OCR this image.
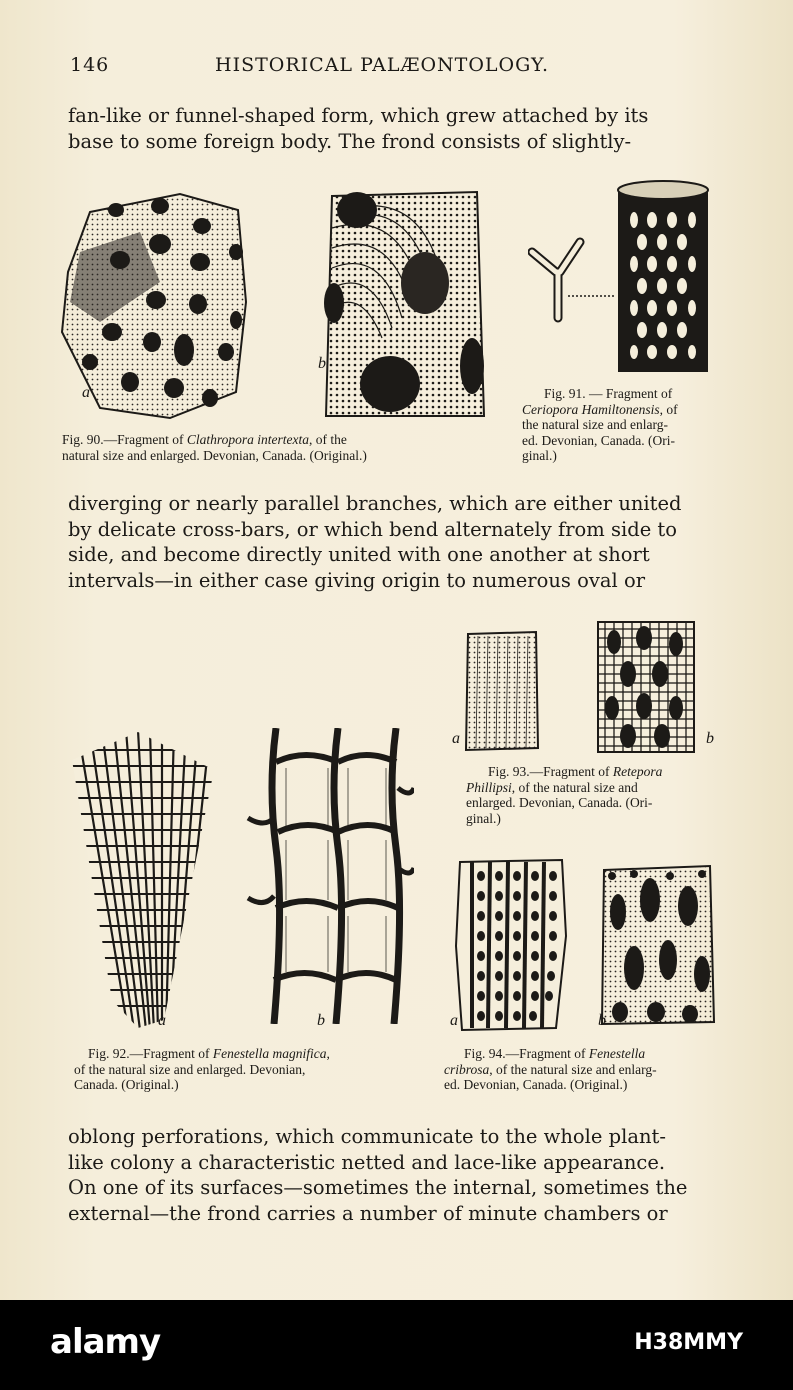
146	HISTORICAL PALÆONTOLOGY.
fan-like or funnel-shaped form, which grew attached by its
base to some foreign body. The frond consists of slightly-
a
b
Fig. 90.—Fragment of Clathropora intertexta, of the
natural size and enlarged. Devonian, Canada. (Original.)
Fig. 91. — Fragment of
Ceriopora Hamiltonensis, of
the natural size and enlarg-
ed. Devonian, Canada. (Ori-
ginal.)
diverging or nearly parallel branches, which are either united
by delicate cross-bars, or which bend alternately from side to
side, and become directly united with one another at short
intervals—in either case giving origin to numerous oval or
a	b
Fig. 93.—Fragment of Retepora
Phillipsi, of the natural size and
enlarged. Devonian, Canada. (Ori-
ginal.)
a	b	a	b
Fig. 92.—Fragment of Fenestella magnifica,
of the natural size and enlarged. Devonian,
Canada. (Original.)
Fig. 94.—Fragment of Fenestella
cribrosa, of the natural size and enlarg-
ed. Devonian, Canada. (Original.)
oblong perforations, which communicate to the whole plant-
like colony a characteristic netted and lace-like appearance.
On one of its surfaces—sometimes the internal, sometimes the
external—the frond carries a number of minute chambers or
alamy	H38MMY
